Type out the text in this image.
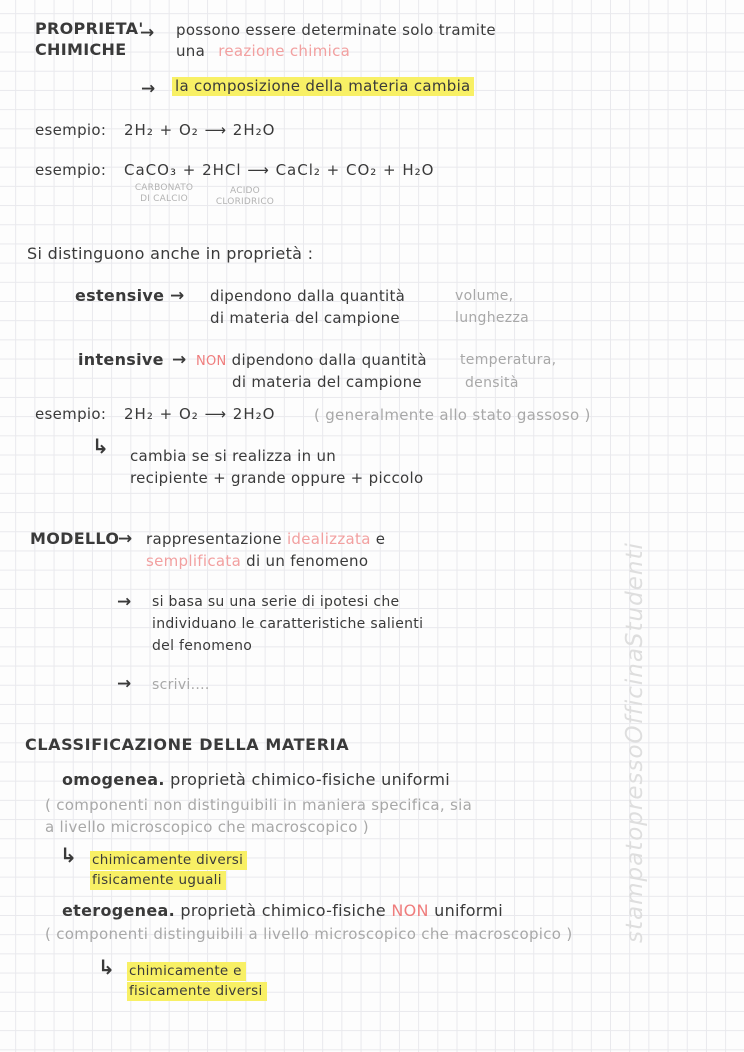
PROPRIETA'
CHIMICHE
→ possono essere determinate solo tramite
una reazione chimica
→ la composizione della materia cambia
esempio: 2H₂ + O₂ ⟶ 2H₂O
esempio: CaCO₃ + 2HCl ⟶ CaCl₂ + CO₂ + H₂O
CARBONATO
DI CALCIO
ACIDO
CLORIDRICO
Si distinguono anche in proprietà :
estensive → dipendono dalla quantità
di materia del campione
volume,
lunghezza
intensive → NON dipendono dalla quantità
di materia del campione
temperatura,
densità
esempio: 2H₂ + O₂ ⟶ 2H₂O	( generalmente allo stato gassoso )
↳ cambia se si realizza in un
recipiente + grande oppure + piccolo
MODELLO
→ rappresentazione idealizzata e
semplificata di un fenomeno
→ si basa su una serie di ipotesi che
individuano le caratteristiche salienti
del fenomeno
→ scrivi....
CLASSIFICAZIONE DELLA MATERIA
omogenea. proprietà chimico-fisiche uniformi
( componenti non distinguibili in maniera specifica, sia
a livello microscopico che macroscopico )
↳ chimicamente diversi
fisicamente uguali
eterogenea. proprietà chimico-fisiche NON uniformi
( componenti distinguibili a livello microscopico che macroscopico )
↳ chimicamente e
fisicamente diversi
stampatopressoOfficinaStudenti
